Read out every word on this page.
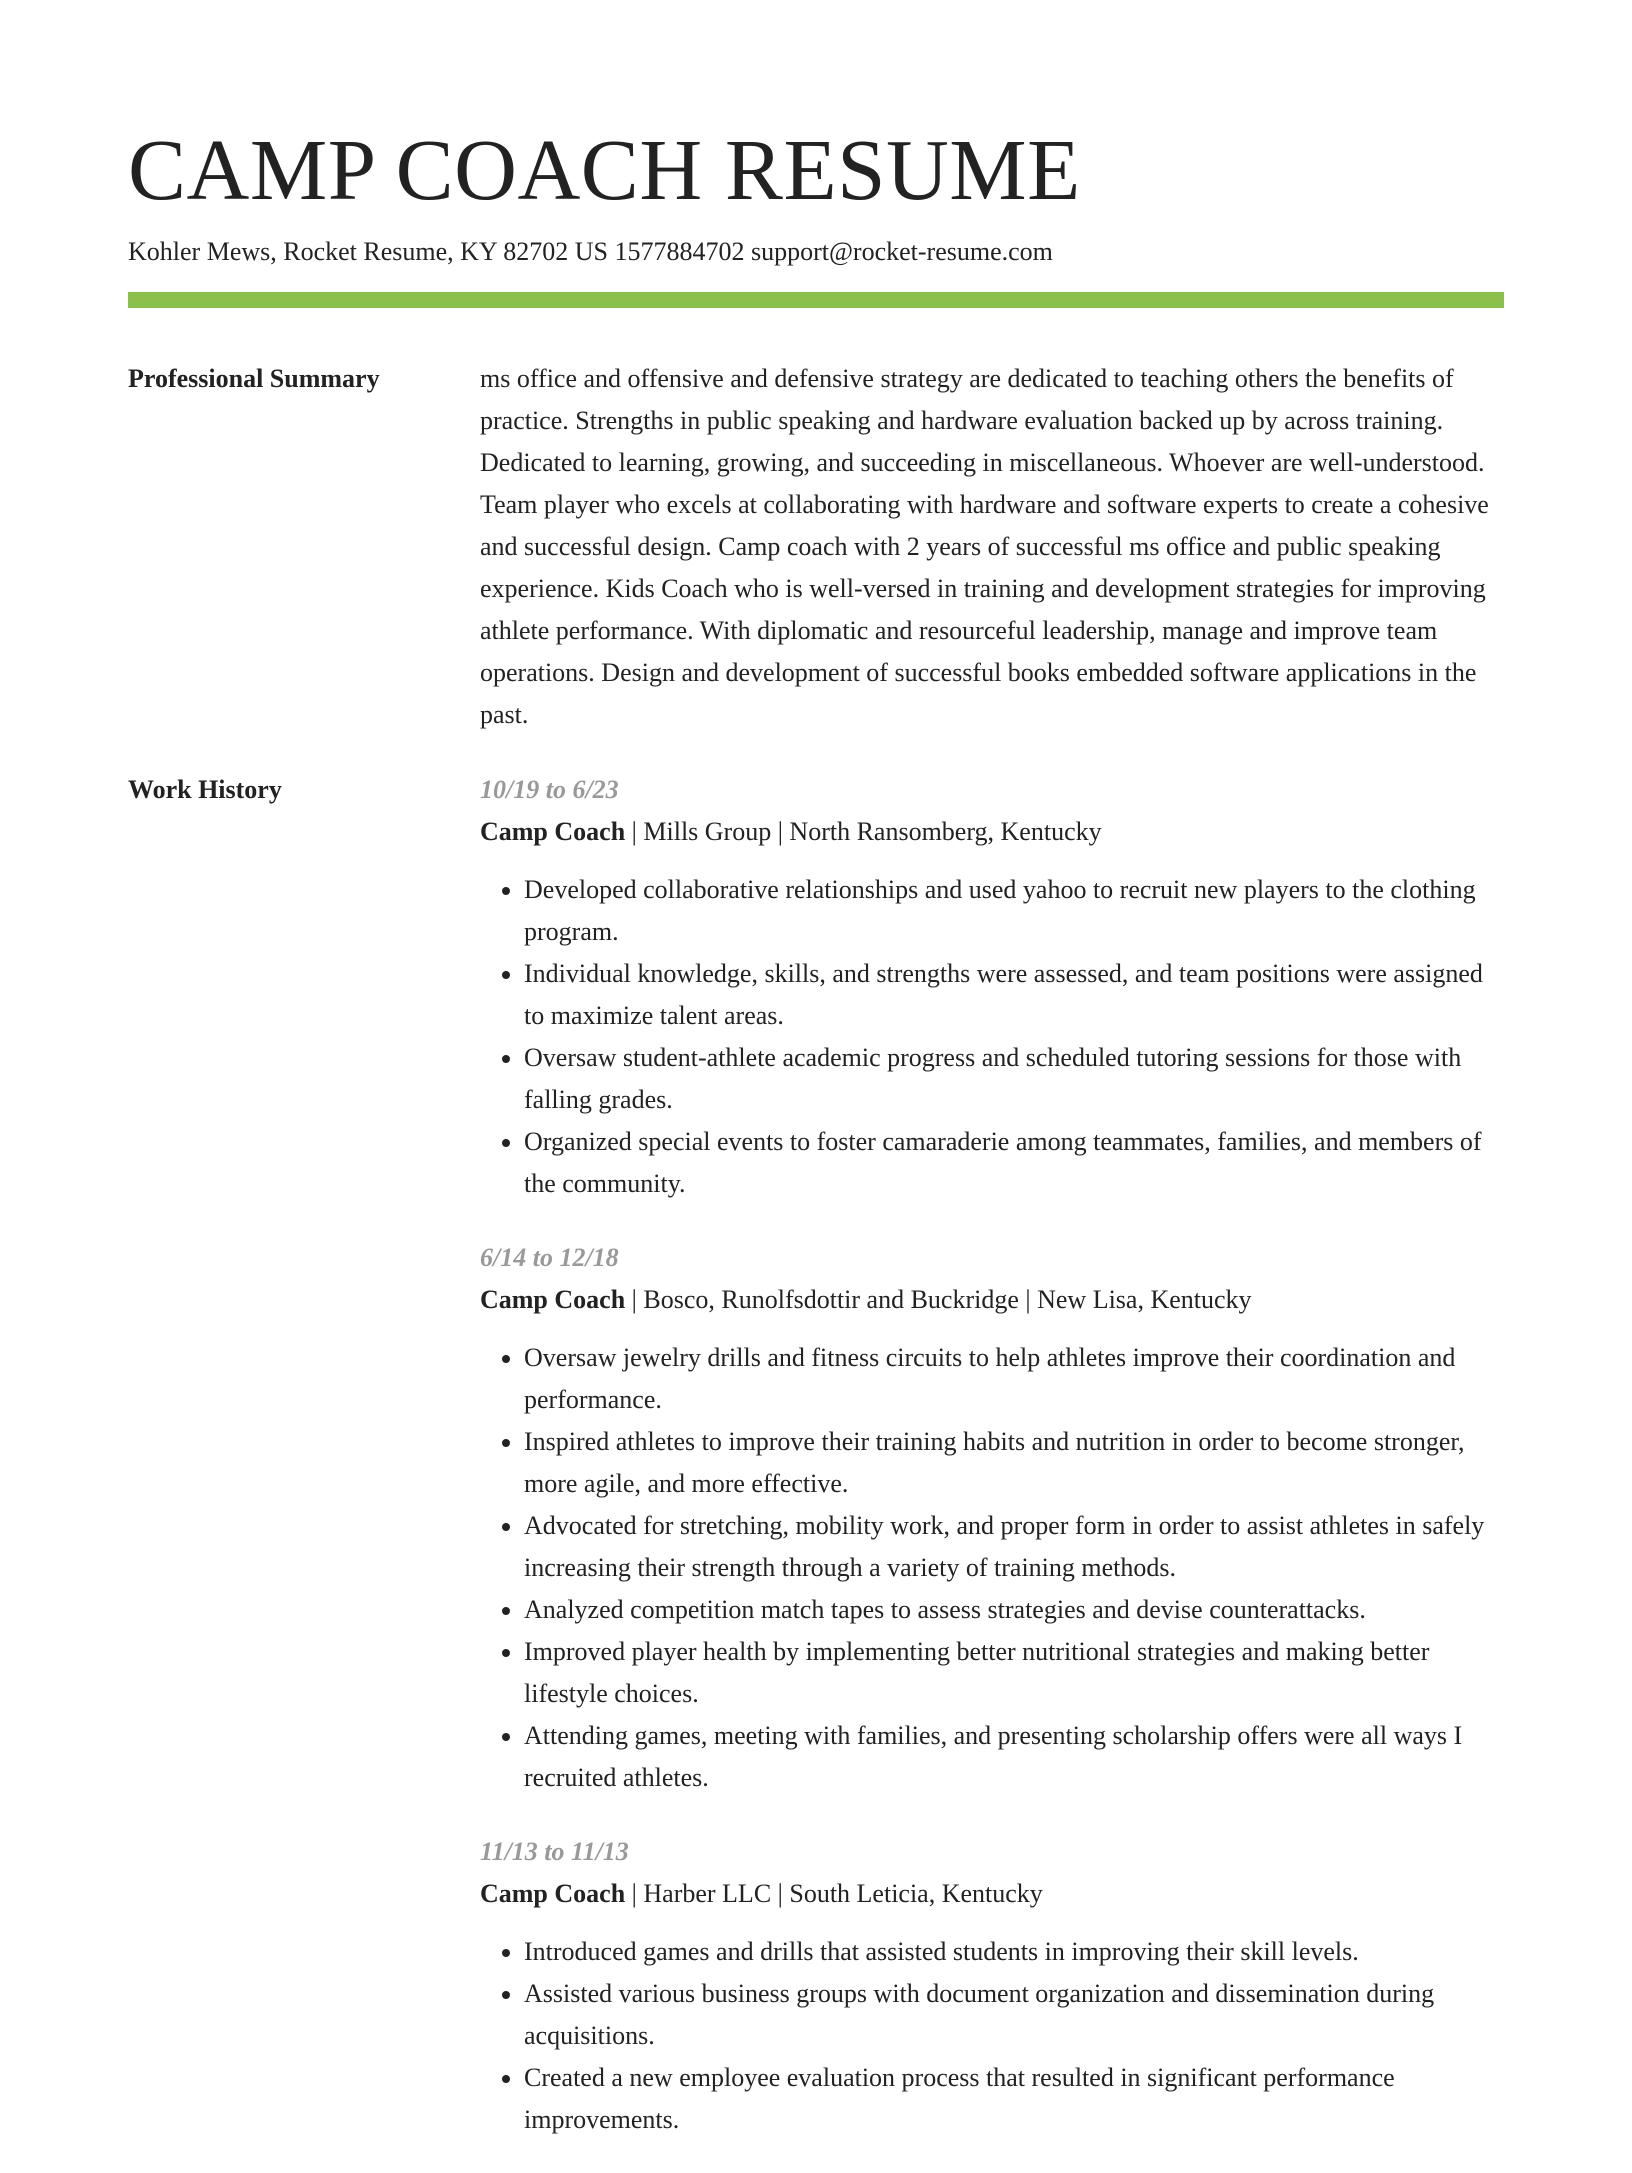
CAMP COACH RESUME
Kohler Mews, Rocket Resume, KY 82702 US 1577884702 support@rocket-resume.com
Professional Summary	ms office and offensive and defensive strategy are dedicated to teaching others the benefits of practice. Strengths in public speaking and hardware evaluation backed up by across training. Dedicated to learning, growing, and succeeding in miscellaneous. Whoever are well-understood. Team player who excels at collaborating with hardware and software experts to create a cohesive and successful design. Camp coach with 2 years of successful ms office and public speaking experience. Kids Coach who is well-versed in training and development strategies for improving athlete performance. With diplomatic and resourceful leadership, manage and improve team operations. Design and development of successful books embedded software applications in the past.

Work History	10/19 to 6/23
Camp Coach | Mills Group | North Ransomberg, Kentucky
• Developed collaborative relationships and used yahoo to recruit new players to the clothing program.
• Individual knowledge, skills, and strengths were assessed, and team positions were assigned to maximize talent areas.
• Oversaw student-athlete academic progress and scheduled tutoring sessions for those with falling grades.
• Organized special events to foster camaraderie among teammates, families, and members of the community.
6/14 to 12/18
Camp Coach | Bosco, Runolfsdottir and Buckridge | New Lisa, Kentucky
• Oversaw jewelry drills and fitness circuits to help athletes improve their coordination and performance.
• Inspired athletes to improve their training habits and nutrition in order to become stronger, more agile, and more effective.
• Advocated for stretching, mobility work, and proper form in order to assist athletes in safely increasing their strength through a variety of training methods.
• Analyzed competition match tapes to assess strategies and devise counterattacks.
• Improved player health by implementing better nutritional strategies and making better lifestyle choices.
• Attending games, meeting with families, and presenting scholarship offers were all ways I recruited athletes.
11/13 to 11/13
Camp Coach | Harber LLC | South Leticia, Kentucky
• Introduced games and drills that assisted students in improving their skill levels.
• Assisted various business groups with document organization and dissemination during acquisitions.
• Created a new employee evaluation process that resulted in significant performance improvements.
